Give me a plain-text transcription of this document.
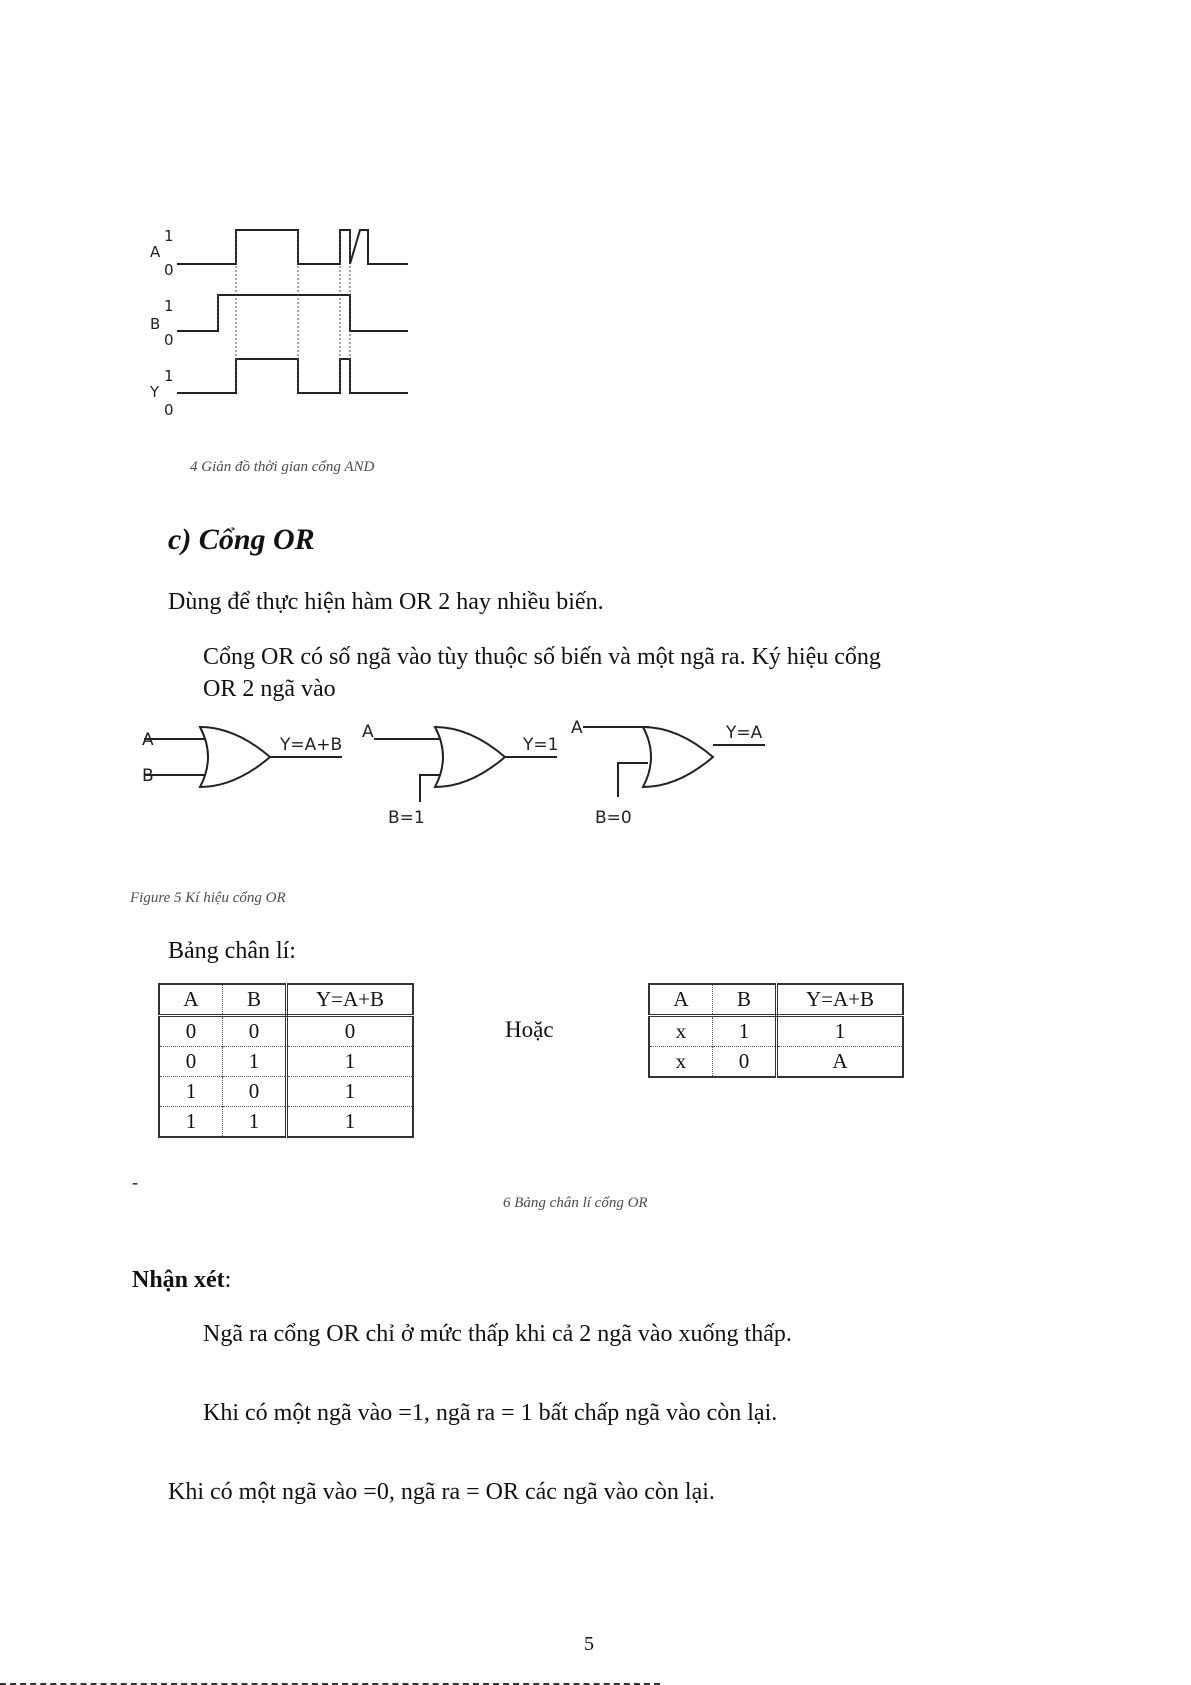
1
A
0
1
B
0
1
Y
0
4 Giản đồ thời gian cổng AND
c) Cổng OR
Dùng để thực hiện hàm OR 2 hay nhiều biến.
Cổng OR có số ngã vào tùy thuộc số biến và một ngã ra. Ký hiệu cổng
OR 2 ngã vào
A
B
Y=A+B
A
B=1
Y=1
A
B=0
Y=A
Figure 5 Kí hiệu cổng OR
Bảng chân lí:
A	B	Y=A+B
0	0	0
0	1	1
1	0	1
1	1	1
Hoặc
A	B	Y=A+B
x	1	1
x	0	A
-
6 Bảng chân lí cổng OR
Nhận xét:
Ngã ra cổng OR chỉ ở mức thấp khi cả 2 ngã vào xuống thấp.
Khi có một ngã vào =1, ngã ra = 1 bất chấp ngã vào còn lại.
Khi có một ngã vào =0, ngã ra = OR các ngã vào còn lại.
5
